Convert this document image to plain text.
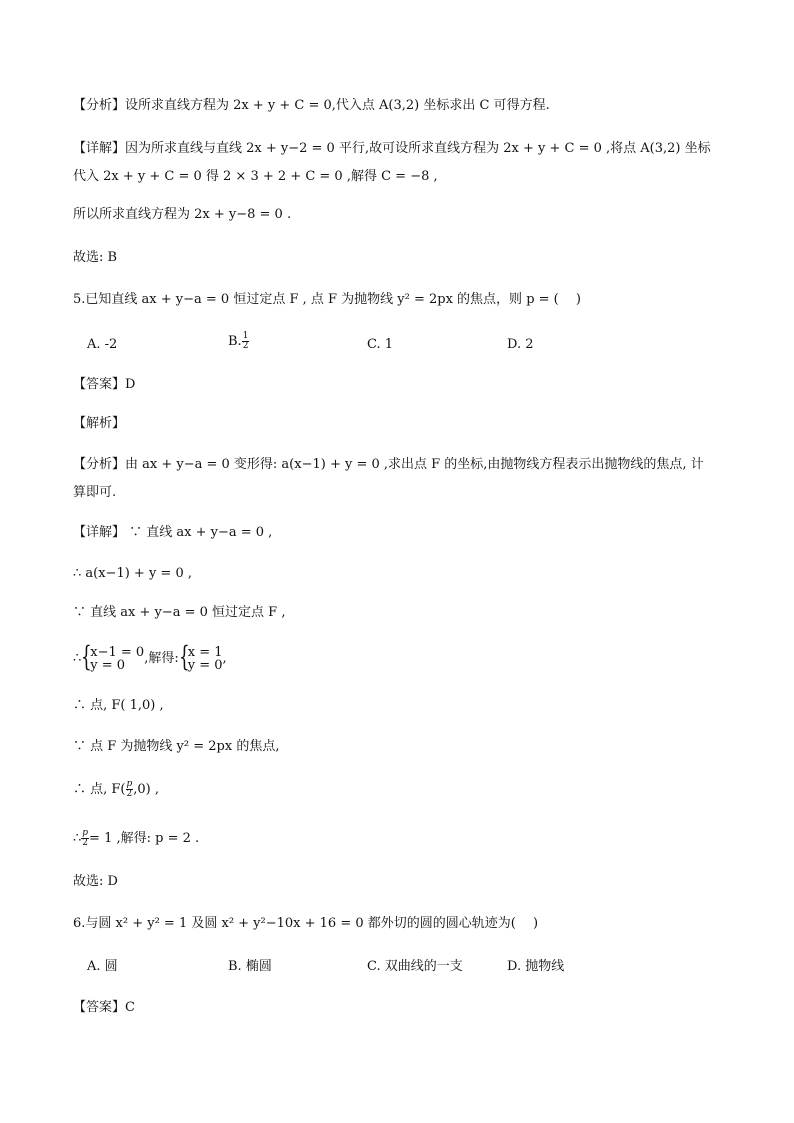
【分析】设所求直线方程为 2x + y + C = 0,代入点 A(3,2) 坐标求出 C 可得方程.
【详解】因为所求直线与直线 2x + y−2 = 0 平行,故可设所求直线方程为 2x + y + C = 0 ,将点 A(3,2) 坐标
代入 2x + y + C = 0 得 2 × 3 + 2 + C = 0 ,解得 C = −8 ,
所以所求直线方程为 2x + y−8 = 0 .
故选: B
5.已知直线 ax + y−a = 0 恒过定点 F , 点 F 为抛物线 y² = 2px 的焦点，则 p = (　 )
A. -2	B. $\frac{1}{2}$	C. 1	D. 2
【答案】D
【解析】
【分析】由 ax + y−a = 0 变形得: a(x−1) + y = 0 ,求出点 F 的坐标,由抛物线方程表示出抛物线的焦点, 计
算即可.
【详解】 ∵ 直线 ax + y−a = 0 ,
∴ a(x−1) + y = 0 ,
∵ 直线 ax + y−a = 0 恒过定点 F ,
∴ {
x−1 = 0
y = 0	,解得: {
x = 1
y = 0 ,
∴ 点, F( 1,0) ,
∵ 点 F 为抛物线 y² = 2px 的焦点,
∴ 点, $F( \frac{p}{2} ,0)$ ,
∴ $\frac{p}{2} = 1$ ,解得: p = 2 .
故选: D
6.与圆 x² + y² = 1 及圆 x² + y²−10x + 16 = 0 都外切的圆的圆心轨迹为(　 )
A. 圆	B. 椭圆	C. 双曲线的一支	D. 抛物线
【答案】C
